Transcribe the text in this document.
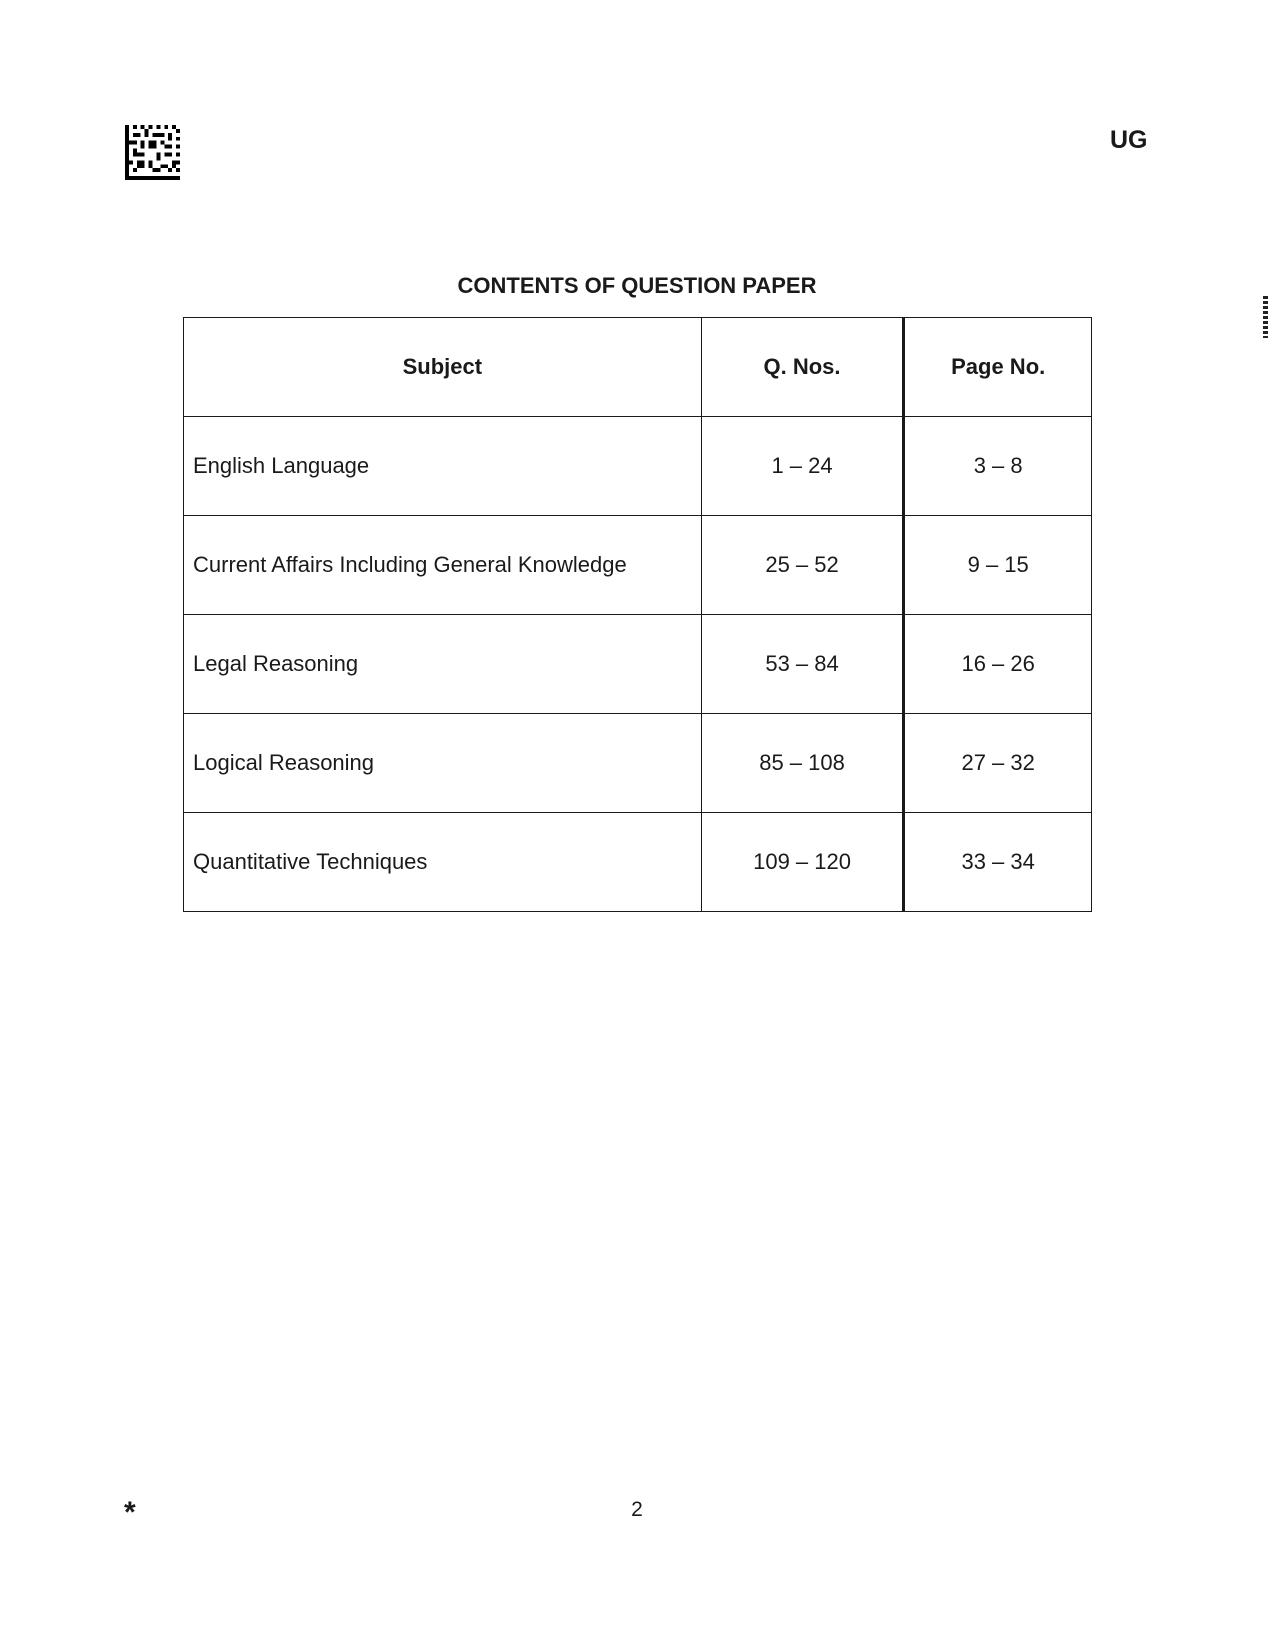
UG
CONTENTS OF QUESTION PAPER
Subject	Q. Nos.	Page No.
English Language	1 – 24	3 – 8
Current Affairs Including General Knowledge	25 – 52	9 – 15
Legal Reasoning	53 – 84	16 – 26
Logical Reasoning	85 – 108	27 – 32
Quantitative Techniques	109 – 120	33 – 34
*	2
